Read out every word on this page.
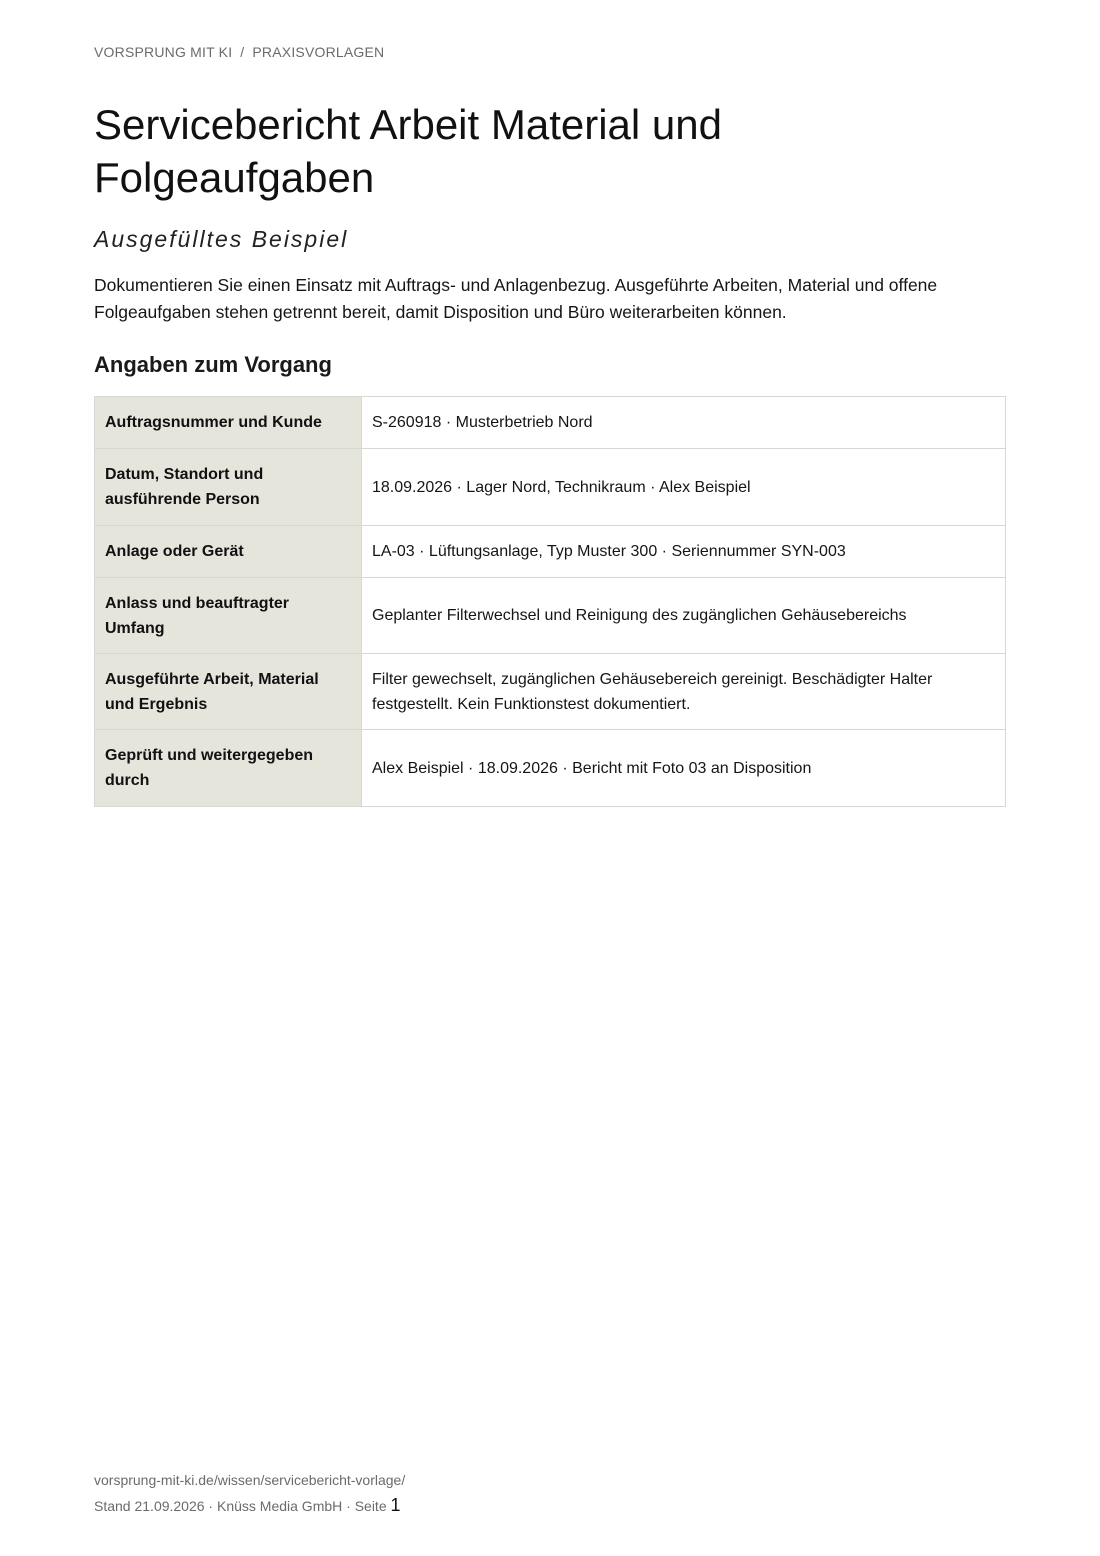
VORSPRUNG MIT KI / PRAXISVORLAGEN
Servicebericht Arbeit Material und Folgeaufgaben
Ausgefülltes Beispiel

Dokumentieren Sie einen Einsatz mit Auftrags- und Anlagenbezug. Ausgeführte Arbeiten, Material und offene Folgeaufgaben stehen getrennt bereit, damit Disposition und Büro weiterarbeiten können.

Angaben zum Vorgang
Auftragsnummer und Kunde	S-260918 · Musterbetrieb Nord
Datum, Standort und ausführende Person	18.09.2026 · Lager Nord, Technikraum · Alex Beispiel
Anlage oder Gerät	LA-03 · Lüftungsanlage, Typ Muster 300 · Seriennummer SYN-003
Anlass und beauftragter Umfang	Geplanter Filterwechsel und Reinigung des zugänglichen Gehäusebereichs
Ausgeführte Arbeit, Material und Ergebnis	Filter gewechselt, zugänglichen Gehäusebereich gereinigt. Beschädigter Halter festgestellt. Kein Funktionstest dokumentiert.
Geprüft und weitergegeben durch	Alex Beispiel · 18.09.2026 · Bericht mit Foto 03 an Disposition
vorsprung-mit-ki.de/wissen/servicebericht-vorlage/
Stand 21.09.2026 · Knüss Media GmbH · Seite 1
